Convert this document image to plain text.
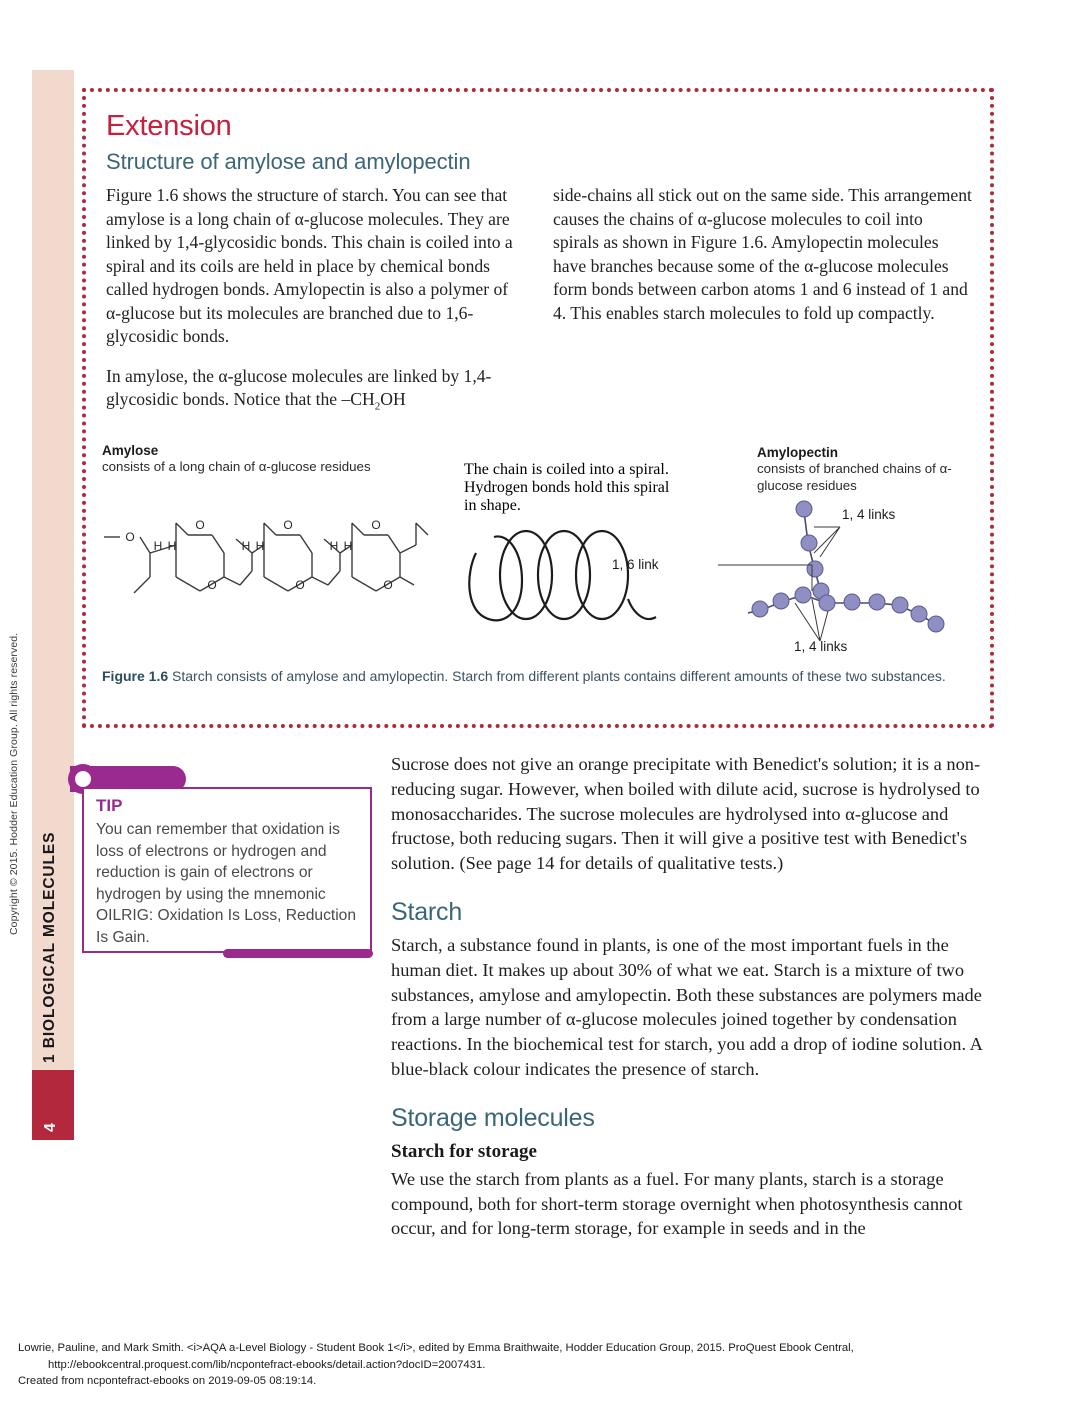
Copyright © 2015. Hodder Education Group. All rights reserved.
1 BIOLOGICAL MOLECULES
4
Extension
Structure of amylose and amylopectin

Figure 1.6 shows the structure of starch. You can see that amylose is a long chain of α-glucose molecules. They are linked by 1,4-glycosidic bonds. This chain is coiled into a spiral and its coils are held in place by chemical bonds called hydrogen bonds. Amylopectin is also a polymer of α-glucose but its molecules are branched due to 1,6-glycosidic bonds.

In amylose, the α-glucose molecules are linked by 1,4-glycosidic bonds. Notice that the $-CH_2OH$

side-chains all stick out on the same side. This arrangement causes the chains of α-glucose molecules to coil into spirals as shown in Figure 1.6. Amylopectin molecules have branches because some of the α-glucose molecules form bonds between carbon atoms 1 and 6 instead of 1 and 4. This enables starch molecules to fold up compactly.

Amylose

consists of a long chain of α-glucose residues	The chain is coiled into a spiral. Hydrogen bonds hold this spiral in shape.

Amylopectin

consists of branched chains of α-glucose residues

O
O
O
O
O
O
O
H H	H H	H H
1, 4 links
1, 6 link
1, 4 links
Figure 1.6 Starch consists of amylose and amylopectin. Starch from different plants contains different amounts of these two substances.
TIP
You can remember that oxidation is loss of electrons or hydrogen and reduction is gain of electrons or hydrogen by using the mnemonic OILRIG: Oxidation Is Loss, Reduction Is Gain.

Sucrose does not give an orange precipitate with Benedict's solution; it is a non-reducing sugar. However, when boiled with dilute acid, sucrose is hydrolysed to monosaccharides. The sucrose molecules are hydrolysed into α-glucose and fructose, both reducing sugars. Then it will give a positive test with Benedict's solution. (See page 14 for details of qualitative tests.)

Starch

Starch, a substance found in plants, is one of the most important fuels in the human diet. It makes up about 30% of what we eat. Starch is a mixture of two substances, amylose and amylopectin. Both these substances are polymers made from a large number of α-glucose molecules joined together by condensation reactions. In the biochemical test for starch, you add a drop of iodine solution. A blue-black colour indicates the presence of starch.

Storage molecules
Starch for storage

We use the starch from plants as a fuel. For many plants, starch is a storage compound, both for short-term storage overnight when photosynthesis cannot occur, and for long-term storage, for example in seeds and in the

Lowrie, Pauline, and Mark Smith. <i>AQA a-Level Biology - Student Book 1</i>, edited by Emma Braithwaite, Hodder Education Group, 2015. ProQuest Ebook Central,
http://ebookcentral.proquest.com/lib/ncpontefract-ebooks/detail.action?docID=2007431.
Created from ncpontefract-ebooks on 2019-09-05 08:19:14.
